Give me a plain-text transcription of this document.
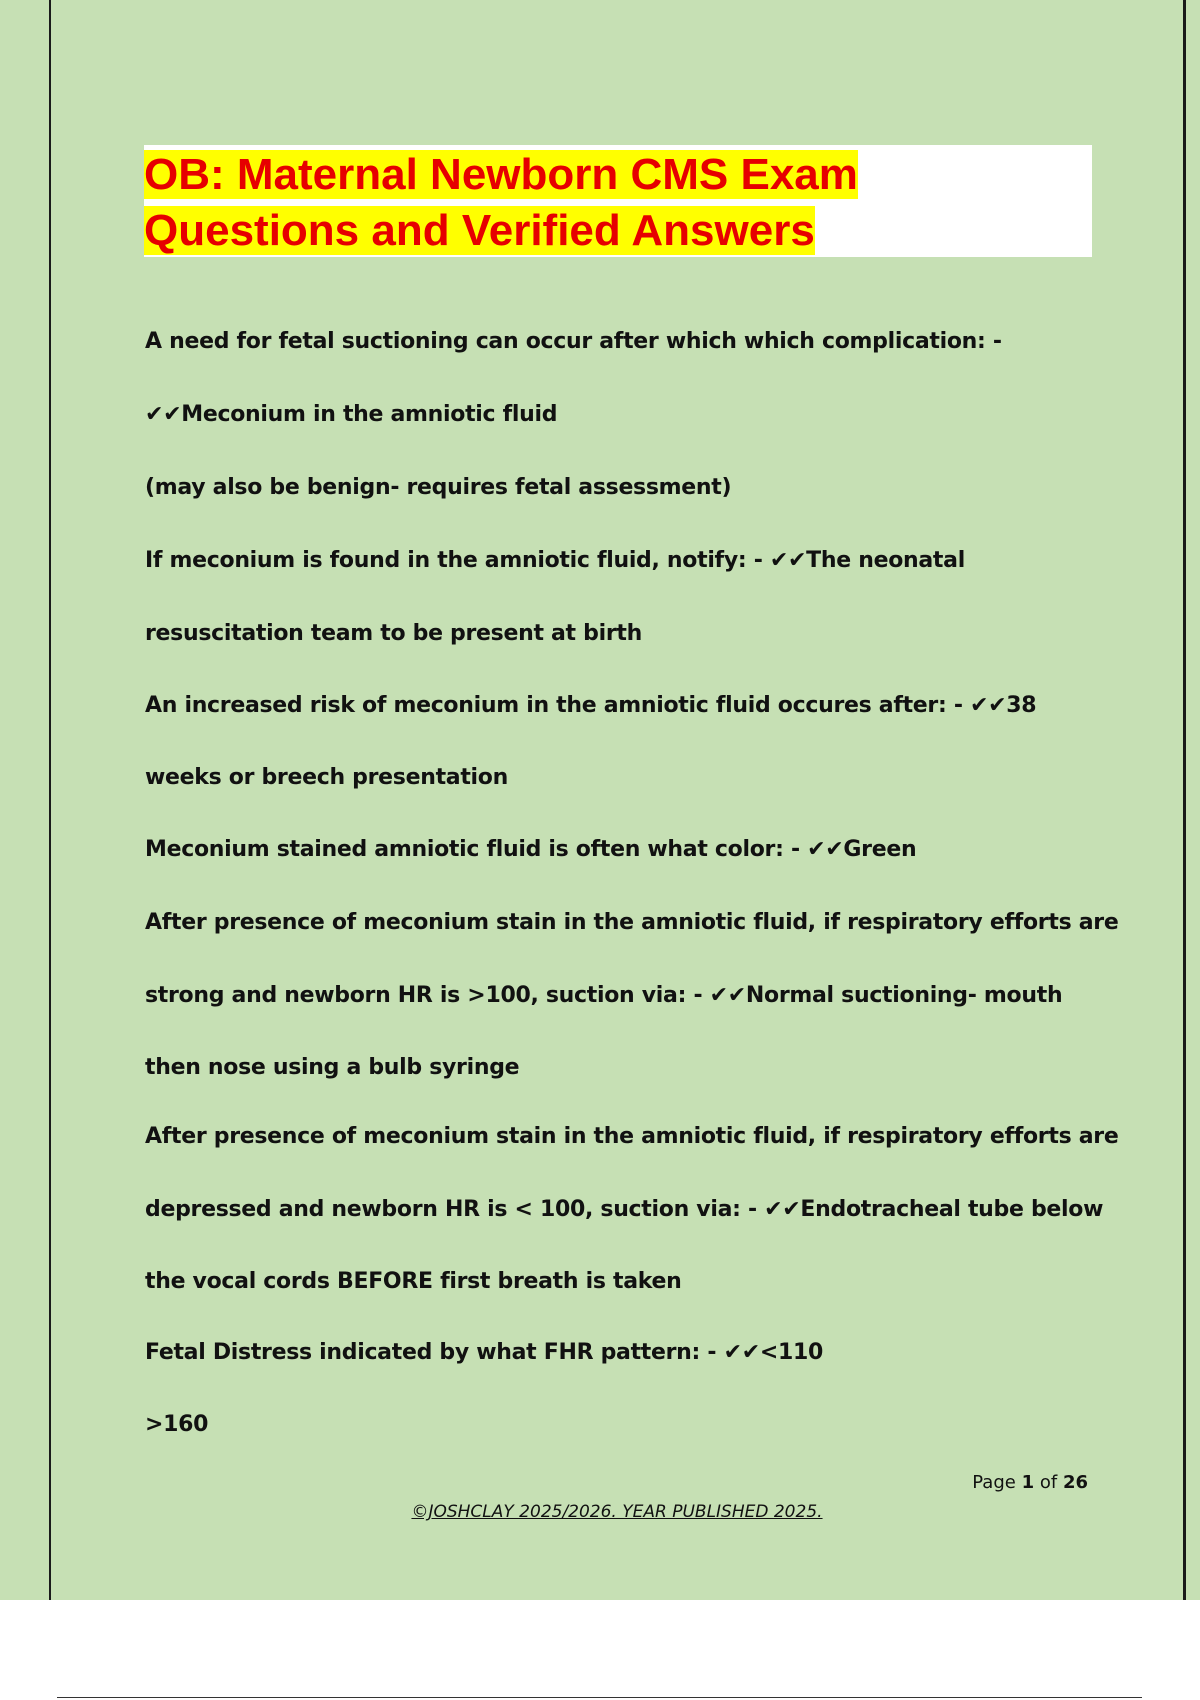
OB: Maternal Newborn CMS Exam
Questions and Verified Answers

A need for fetal suctioning can occur after which which complication: -

✔✔Meconium in the amniotic fluid

(may also be benign- requires fetal assessment)

If meconium is found in the amniotic fluid, notify: - ✔✔The neonatal

resuscitation team to be present at birth

An increased risk of meconium in the amniotic fluid occures after: - ✔✔38

weeks or breech presentation

Meconium stained amniotic fluid is often what color: - ✔✔Green

After presence of meconium stain in the amniotic fluid, if respiratory efforts are

strong and newborn HR is >100, suction via: - ✔✔Normal suctioning- mouth

then nose using a bulb syringe

After presence of meconium stain in the amniotic fluid, if respiratory efforts are

depressed and newborn HR is < 100, suction via: - ✔✔Endotracheal tube below

the vocal cords BEFORE first breath is taken

Fetal Distress indicated by what FHR pattern: - ✔✔<110

>160

Page 1 of 26
©JOSHCLAY 2025/2026. YEAR PUBLISHED 2025.
